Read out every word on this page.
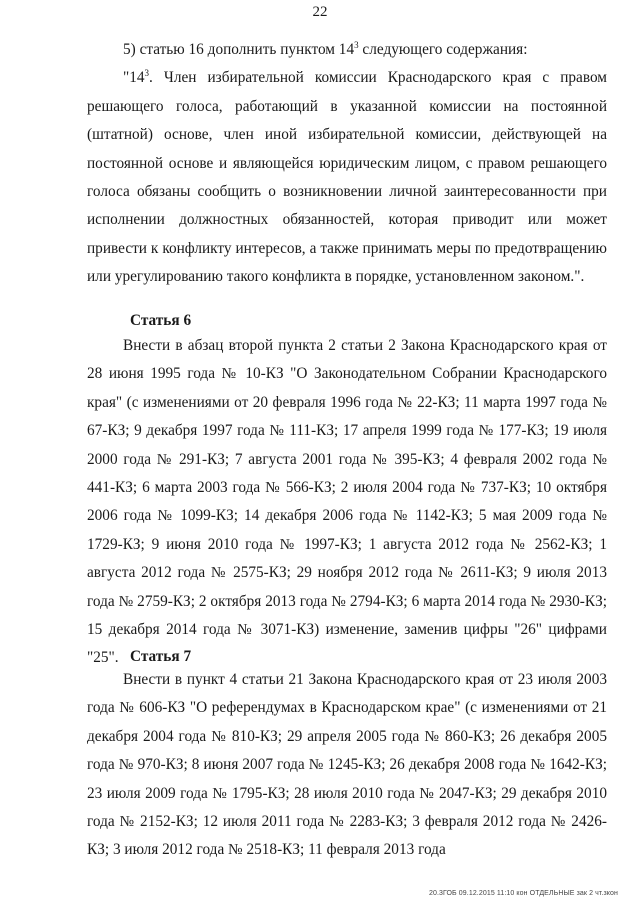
22

5) статью 16 дополнить пунктом $14^3$ следующего содержания:

"$14^3$. Член избирательной комиссии Краснодарского края с правом решающего голоса, работающий в указанной комиссии на постоянной (штатной) основе, член иной избирательной комиссии, действующей на постоянной основе и являющейся юридическим лицом, с правом решающего голоса обязаны сообщить о возникновении личной заинтересованности при исполнении должностных обязанностей, которая приводит или может привести к конфликту интересов, а также принимать меры по предотвращению или урегулированию такого конфликта в порядке, установленном законом.".

Статья 6

Внести в абзац второй пункта 2 статьи 2 Закона Краснодарского края от 28 июня 1995 года № 10-КЗ "О Законодательном Собрании Краснодарского края" (с изменениями от 20 февраля 1996 года № 22-КЗ; 11 марта 1997 года № 67-КЗ; 9 декабря 1997 года № 111-КЗ; 17 апреля 1999 года № 177-КЗ; 19 июля 2000 года № 291-КЗ; 7 августа 2001 года № 395-КЗ; 4 февраля 2002 года № 441-КЗ; 6 марта 2003 года № 566-КЗ; 2 июля 2004 года № 737-КЗ; 10 октября 2006 года № 1099-КЗ; 14 декабря 2006 года № 1142-КЗ; 5 мая 2009 года № 1729-КЗ; 9 июня 2010 года № 1997-КЗ; 1 августа 2012 года № 2562-КЗ; 1 августа 2012 года № 2575-КЗ; 29 ноября 2012 года № 2611-КЗ; 9 июля 2013 года № 2759-КЗ; 2 октября 2013 года № 2794-КЗ; 6 марта 2014 года № 2930-КЗ; 15 декабря 2014 года № 3071-КЗ) изменение, заменив цифры "26" цифрами "25". Статья 7

Внести в пункт 4 статьи 21 Закона Краснодарского края от 23 июля 2003 года № 606-КЗ "О референдумах в Краснодарском крае" (с изменениями от 21 декабря 2004 года № 810-КЗ; 29 апреля 2005 года № 860-КЗ; 26 декабря 2005 года № 970-КЗ; 8 июня 2007 года № 1245-КЗ; 26 декабря 2008 года № 1642-КЗ; 23 июля 2009 года № 1795-КЗ; 28 июля 2010 года № 2047-КЗ; 29 декабря 2010 года № 2152-КЗ; 12 июля 2011 года № 2283-КЗ; 3 февраля 2012 года № 2426-КЗ; 3 июля 2012 года № 2518-КЗ; 11 февраля 2013 года

20.3ГОБ 09.12.2015 11:10 кон ОТДЕЛЬНЫЕ зак 2 чт.зкон
